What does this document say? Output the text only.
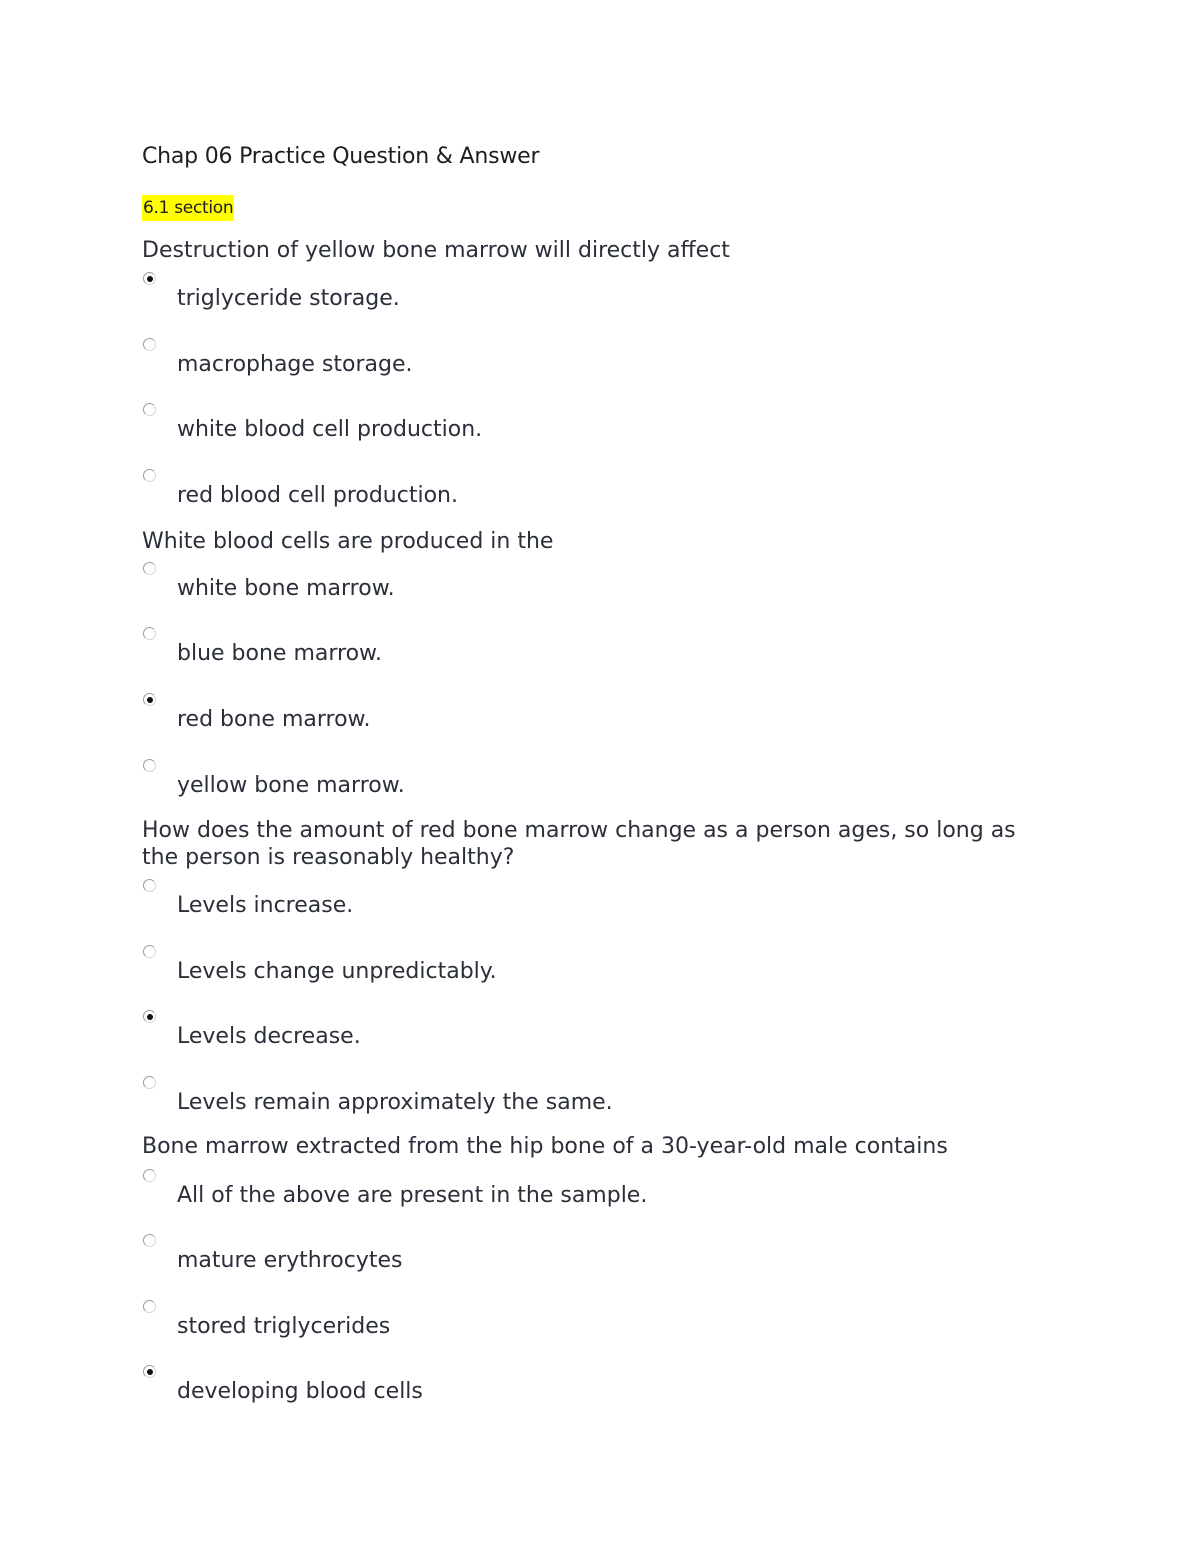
Chap 06 Practice Question & Answer
6.1 section
Destruction of yellow bone marrow will directly affect
triglyceride storage.
macrophage storage.
white blood cell production.
red blood cell production.
White blood cells are produced in the
white bone marrow.
blue bone marrow.
red bone marrow.
yellow bone marrow.
How does the amount of red bone marrow change as a person ages, so long as the person is reasonably healthy?
Levels increase.
Levels change unpredictably.
Levels decrease.
Levels remain approximately the same.
Bone marrow extracted from the hip bone of a 30-year-old male contains
All of the above are present in the sample.
mature erythrocytes
stored triglycerides
developing blood cells
